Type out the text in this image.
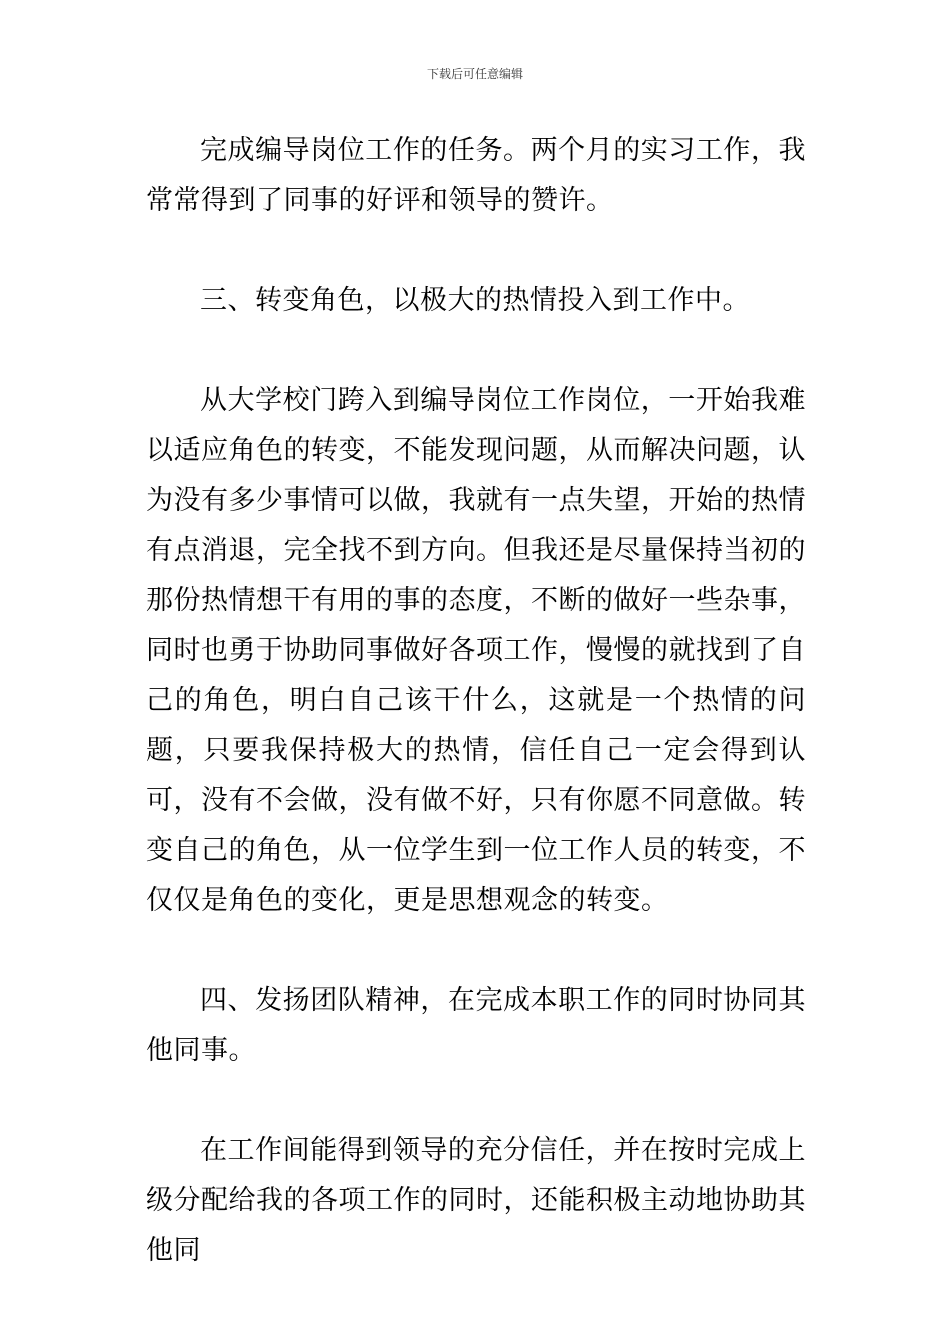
下载后可任意编辑

完成编导岗位工作的任务。两个月的实习工作，我常常得到了同事的好评和领导的赞许。

三、转变角色，以极大的热情投入到工作中。

从大学校门跨入到编导岗位工作岗位，一开始我难以适应角色的转变，不能发现问题，从而解决问题，认为没有多少事情可以做，我就有一点失望，开始的热情有点消退，完全找不到方向。但我还是尽量保持当初的那份热情想干有用的事的态度，不断的做好一些杂事，同时也勇于协助同事做好各项工作，慢慢的就找到了自己的角色，明白自己该干什么，这就是一个热情的问题，只要我保持极大的热情，信任自己一定会得到认可，没有不会做，没有做不好，只有你愿不同意做。转变自己的角色，从一位学生到一位工作人员的转变，不仅仅是角色的变化，更是思想观念的转变。

四、发扬团队精神，在完成本职工作的同时协同其他同事。

在工作间能得到领导的充分信任，并在按时完成上级分配给我的各项工作的同时，还能积极主动地协助其他同
